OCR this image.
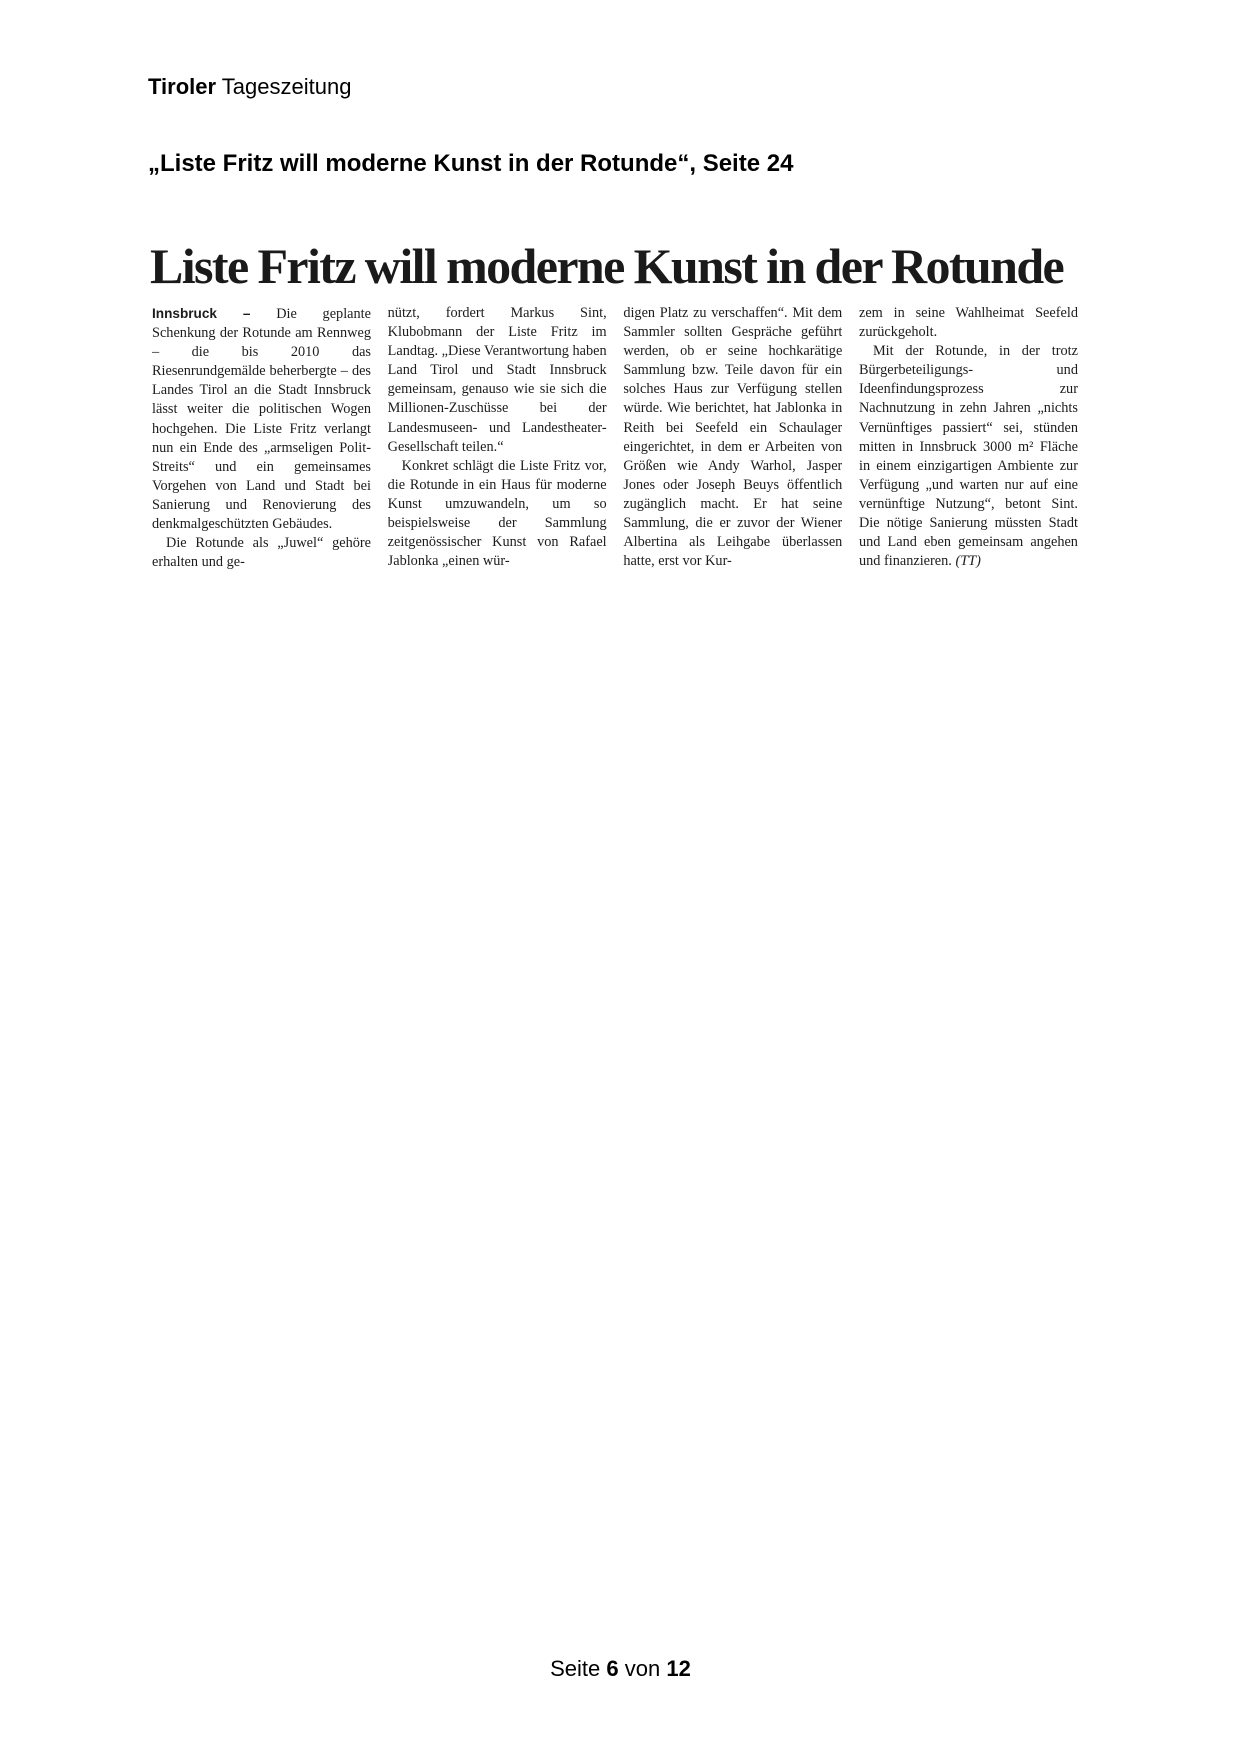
Tiroler Tageszeitung
„Liste Fritz will moderne Kunst in der Rotunde“, Seite 24
Liste Fritz will moderne Kunst in der Rotunde

Innsbruck – Die geplante Schenkung der Rotunde am Rennweg – die bis 2010 das Riesenrundgemälde beherbergte – des Landes Tirol an die Stadt Innsbruck lässt weiter die politischen Wogen hochgehen. Die Liste Fritz verlangt nun ein Ende des „armseligen Polit-Streits“ und ein gemeinsames Vorgehen von Land und Stadt bei Sanierung und Renovierung des denkmalgeschützten Gebäudes.

Die Rotunde als „Juwel“ gehöre erhalten und ge-

nützt, fordert Markus Sint, Klubobmann der Liste Fritz im Landtag. „Diese Verantwortung haben Land Tirol und Stadt Innsbruck gemeinsam, genauso wie sie sich die Millionen-Zuschüsse bei der Landesmuseen- und Landestheater-Gesellschaft teilen.“

Konkret schlägt die Liste Fritz vor, die Rotunde in ein Haus für moderne Kunst umzuwandeln, um so beispielsweise der Sammlung zeitgenössischer Kunst von Rafael Jablonka „einen wür-

digen Platz zu verschaffen“. Mit dem Sammler sollten Gespräche geführt werden, ob er seine hochkarätige Sammlung bzw. Teile davon für ein solches Haus zur Verfügung stellen würde. Wie berichtet, hat Jablonka in Reith bei Seefeld ein Schaulager eingerichtet, in dem er Arbeiten von Größen wie Andy Warhol, Jasper Jones oder Joseph Beuys öffentlich zugänglich macht. Er hat seine Sammlung, die er zuvor der Wiener Albertina als Leihgabe überlassen hatte, erst vor Kur-

zem in seine Wahlheimat Seefeld zurückgeholt.

Mit der Rotunde, in der trotz Bürgerbeteiligungs- und Ideenfindungsprozess zur Nachnutzung in zehn Jahren „nichts Vernünftiges passiert“ sei, stünden mitten in Innsbruck 3000 m² Fläche in einem einzigartigen Ambiente zur Verfügung „und warten nur auf eine vernünftige Nutzung“, betont Sint. Die nötige Sanierung müssten Stadt und Land eben gemeinsam angehen und finanzieren. (TT)

Seite 6 von 12
